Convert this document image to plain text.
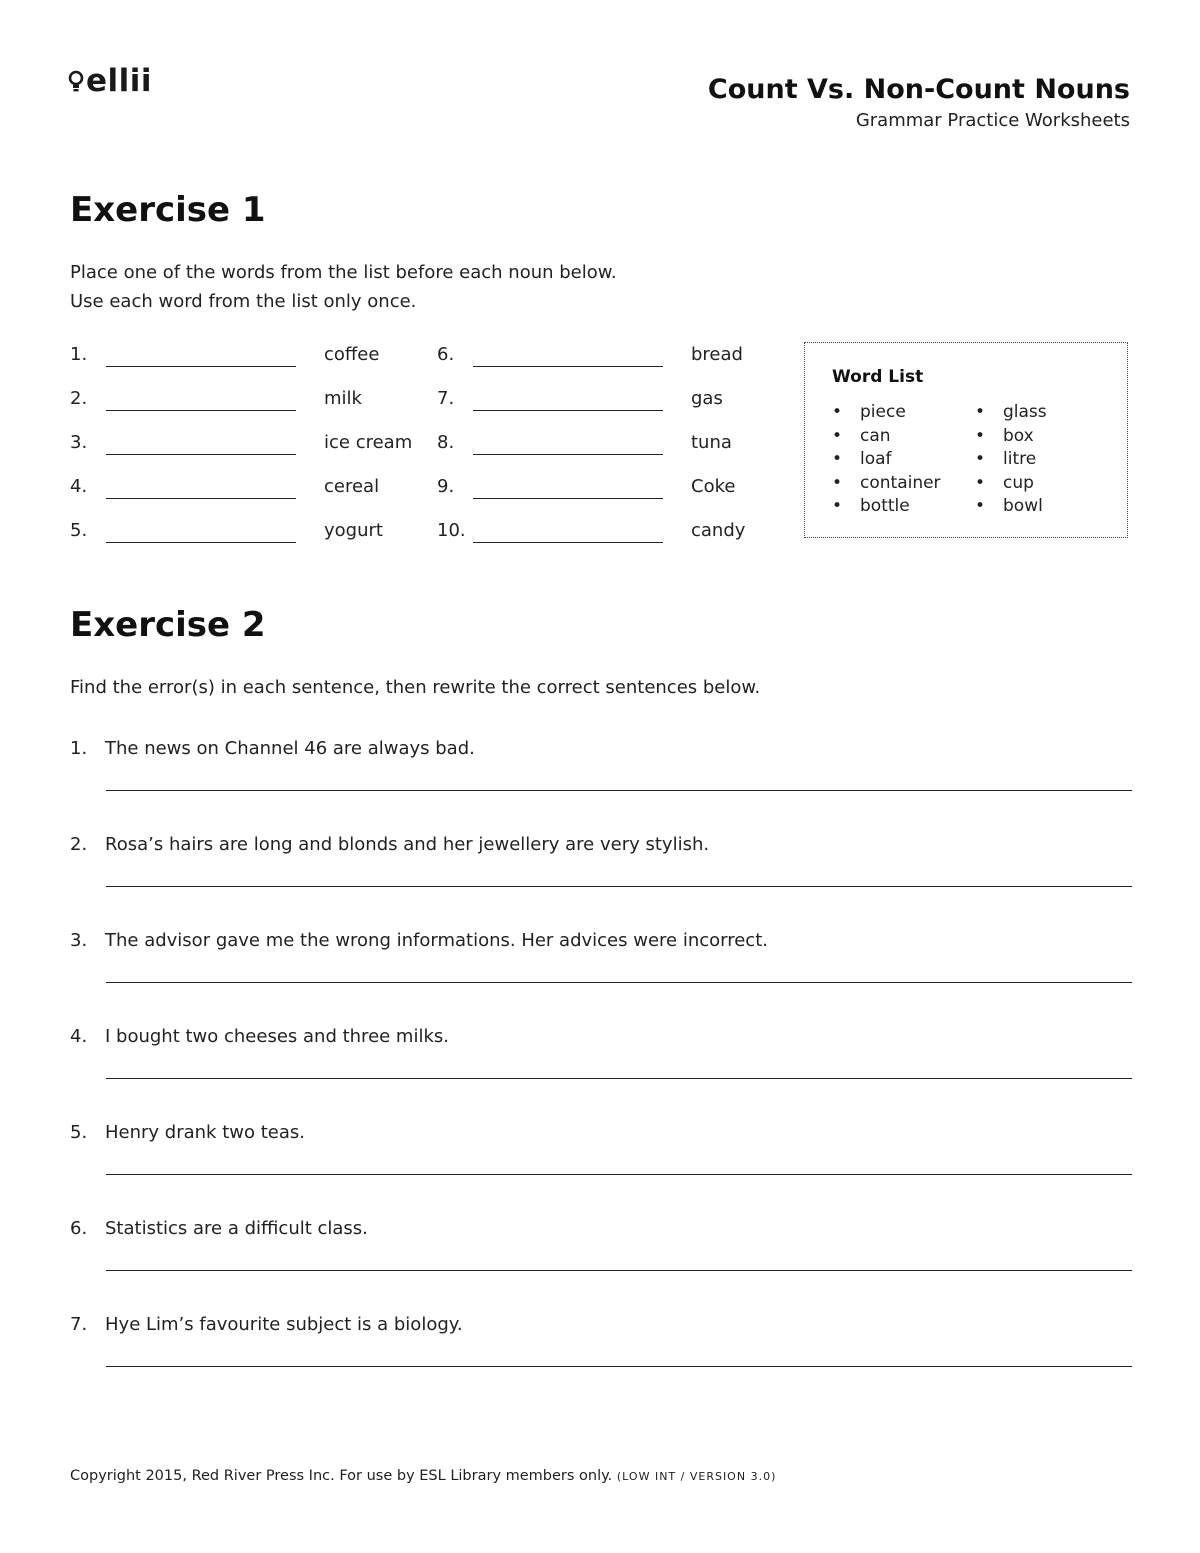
ellii	Count Vs. Non-Count Nouns
Grammar Practice Worksheets
Exercise 1
Place one of the words from the list before each noun below.
Use each word from the list only once.
1.	coffee
2.	milk
3.	ice cream
4.	cereal
5.	yogurt
6.	bread
7.	gas
8.	tuna
9.	Coke
10.	candy
Word List
• piece
• can
• loaf
• container
• bottle
• glass
• box
• litre
• cup
• bowl
Exercise 2
Find the error(s) in each sentence, then rewrite the correct sentences below.
1. The news on Channel 46 are always bad.
2. Rosa’s hairs are long and blonds and her jewellery are very stylish.
3. The advisor gave me the wrong informations. Her advices were incorrect.
4. I bought two cheeses and three milks.
5. Henry drank two teas.
6. Statistics are a difficult class.
7. Hye Lim’s favourite subject is a biology.
Copyright 2015, Red River Press Inc. For use by ESL Library members only. (LOW INT / VERSION 3.0)
